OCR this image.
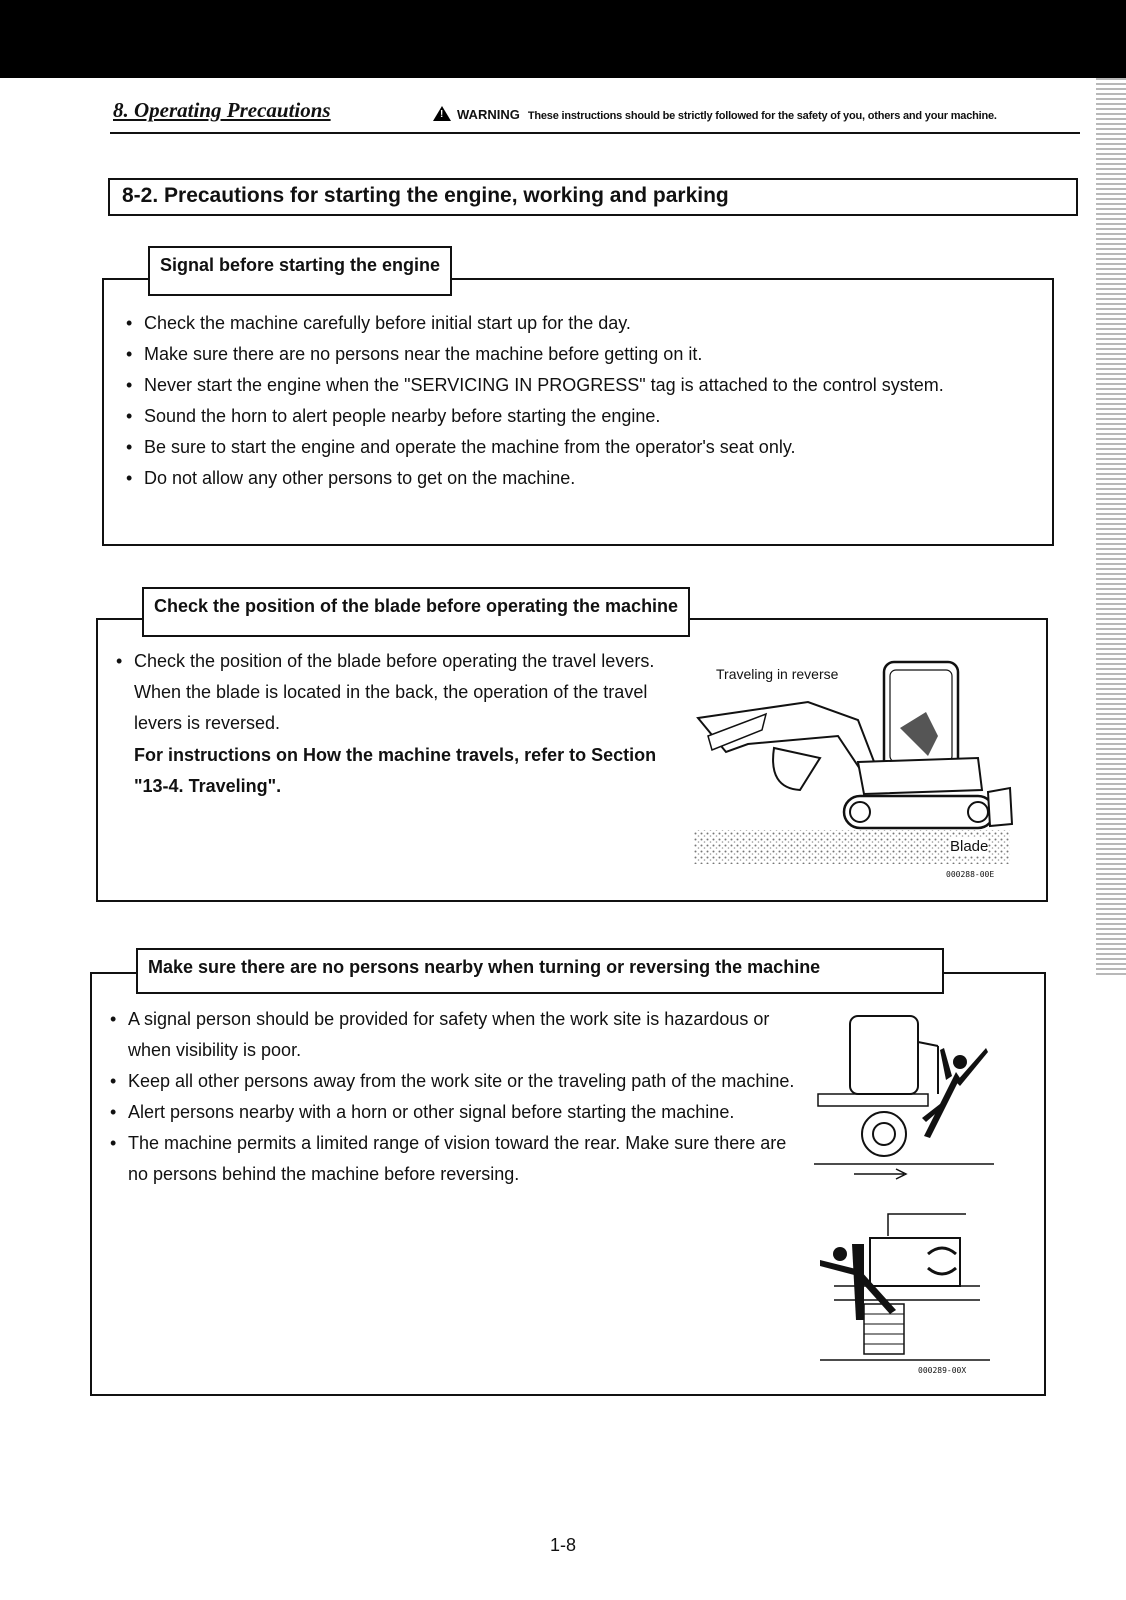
8. Operating Precautions
!	WARNING These instructions should be strictly followed for the safety of you, others and your machine.
8-2. Precautions for starting the engine, working and parking
• Check the machine carefully before initial start up for the day.
• Make sure there are no persons near the machine before getting on it.
• Never start the engine when the "SERVICING IN PROGRESS" tag is attached to the control system.
• Sound the horn to alert people nearby before starting the engine.
• Be sure to start the engine and operate the machine from the operator's seat only.
• Do not allow any other persons to get on the machine.
Signal before starting the engine
• Check the position of the blade before operating the travel levers. When the blade is located in the back, the operation of the travel levers is reversed.
For instructions on How the machine travels, refer to Section "13-4. Traveling".
Traveling in reverse
Blade
000288-00E
Check the position of the blade before operating the machine
• A signal person should be provided for safety when the work site is hazardous or when visibility is poor.
• Keep all other persons away from the work site or the traveling path of the machine.
• Alert persons nearby with a horn or other signal before starting the machine.
• The machine permits a limited range of vision toward the rear. Make sure there are no persons behind the machine before reversing.
000289-00X
Make sure there are no persons nearby when turning or reversing the machine
1-8
